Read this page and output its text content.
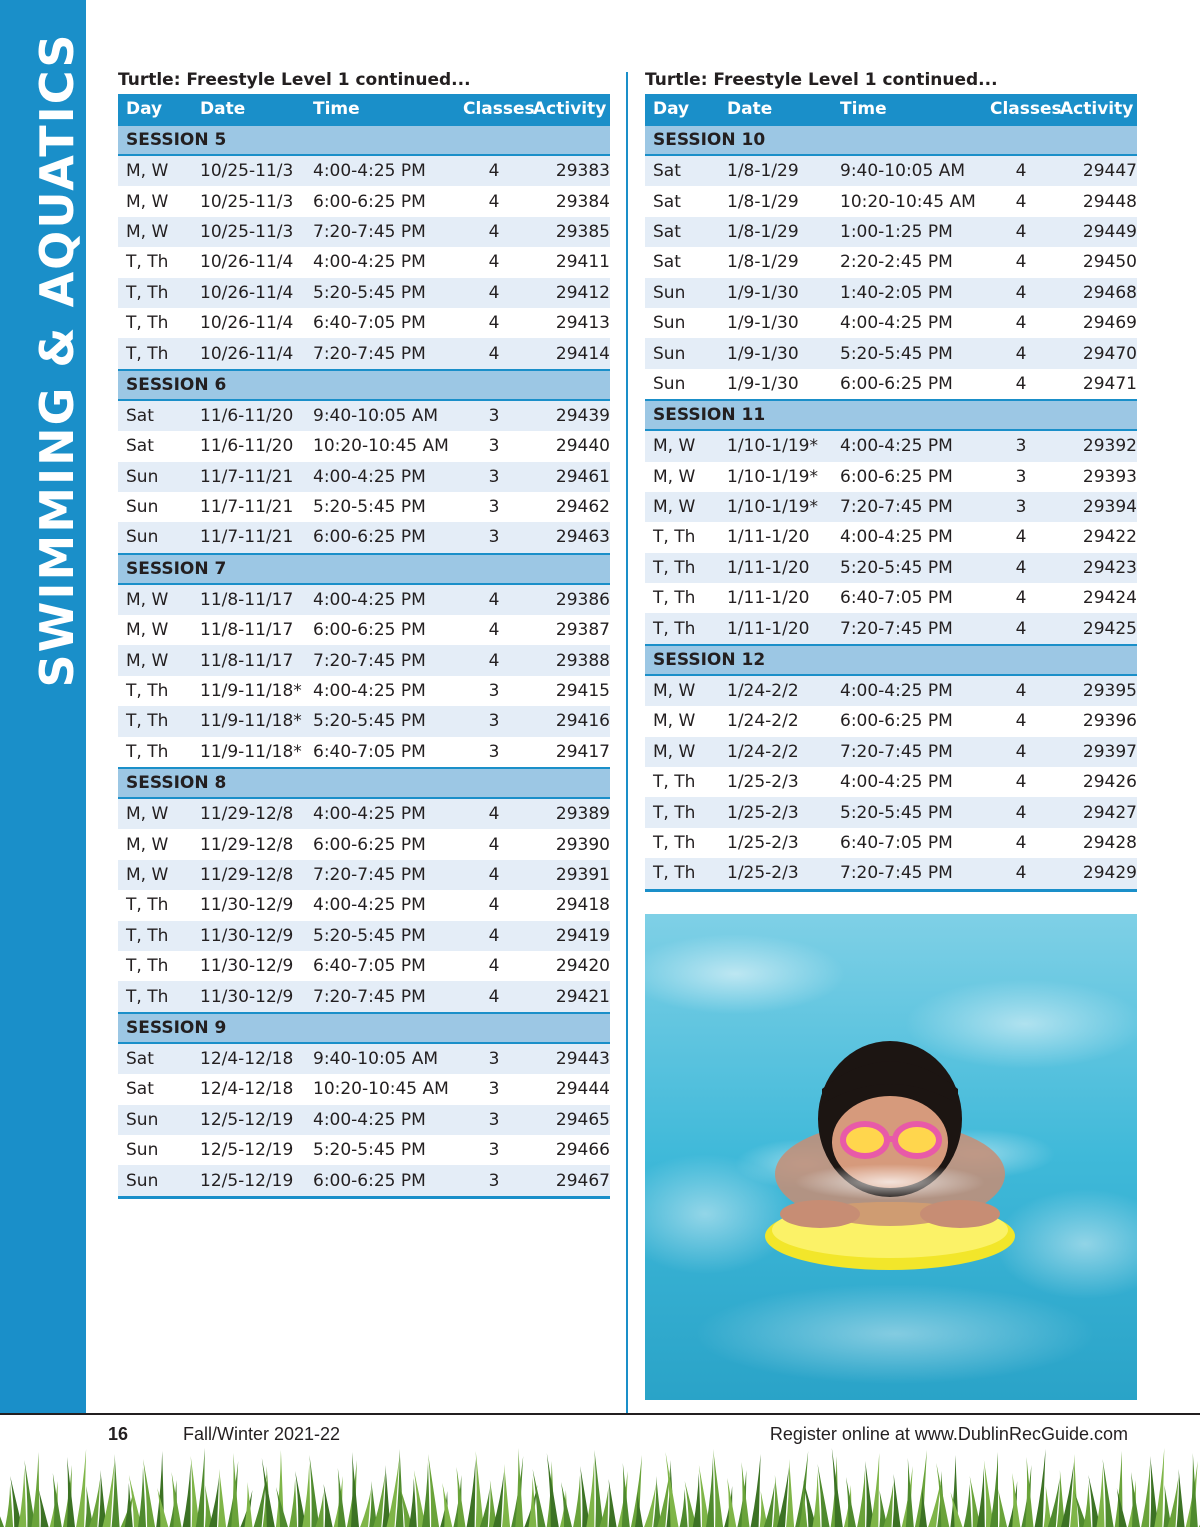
SWIMMING & AQUATICS Turtle: Freestyle Level 1 continued...
Day	Date	Time	Classes	Activity #
SESSION 5				
M, W	10/25-11/3	4:00-4:25 PM	4	29383
M, W	10/25-11/3	6:00-6:25 PM	4	29384
M, W	10/25-11/3	7:20-7:45 PM	4	29385
T, Th	10/26-11/4	4:00-4:25 PM	4	29411
T, Th	10/26-11/4	5:20-5:45 PM	4	29412
T, Th	10/26-11/4	6:40-7:05 PM	4	29413
T, Th	10/26-11/4	7:20-7:45 PM	4	29414
SESSION 6				
Sat	11/6-11/20	9:40-10:05 AM	3	29439
Sat	11/6-11/20	10:20-10:45 AM	3	29440
Sun	11/7-11/21	4:00-4:25 PM	3	29461
Sun	11/7-11/21	5:20-5:45 PM	3	29462
Sun	11/7-11/21	6:00-6:25 PM	3	29463
SESSION 7				
M, W	11/8-11/17	4:00-4:25 PM	4	29386
M, W	11/8-11/17	6:00-6:25 PM	4	29387
M, W	11/8-11/17	7:20-7:45 PM	4	29388
T, Th	11/9-11/18*	4:00-4:25 PM	3	29415
T, Th	11/9-11/18*	5:20-5:45 PM	3	29416
T, Th	11/9-11/18*	6:40-7:05 PM	3	29417
SESSION 8				
M, W	11/29-12/8	4:00-4:25 PM	4	29389
M, W	11/29-12/8	6:00-6:25 PM	4	29390
M, W	11/29-12/8	7:20-7:45 PM	4	29391
T, Th	11/30-12/9	4:00-4:25 PM	4	29418
T, Th	11/30-12/9	5:20-5:45 PM	4	29419
T, Th	11/30-12/9	6:40-7:05 PM	4	29420
T, Th	11/30-12/9	7:20-7:45 PM	4	29421
SESSION 9				
Sat	12/4-12/18	9:40-10:05 AM	3	29443
Sat	12/4-12/18	10:20-10:45 AM	3	29444
Sun	12/5-12/19	4:00-4:25 PM	3	29465
Sun	12/5-12/19	5:20-5:45 PM	3	29466
Sun	12/5-12/19	6:00-6:25 PM	3	29467
Turtle: Freestyle Level 1 continued...
Day	Date	Time	Classes	Activity #
SESSION 10				
Sat	1/8-1/29	9:40-10:05 AM	4	29447
Sat	1/8-1/29	10:20-10:45 AM	4	29448
Sat	1/8-1/29	1:00-1:25 PM	4	29449
Sat	1/8-1/29	2:20-2:45 PM	4	29450
Sun	1/9-1/30	1:40-2:05 PM	4	29468
Sun	1/9-1/30	4:00-4:25 PM	4	29469
Sun	1/9-1/30	5:20-5:45 PM	4	29470
Sun	1/9-1/30	6:00-6:25 PM	4	29471
SESSION 11				
M, W	1/10-1/19*	4:00-4:25 PM	3	29392
M, W	1/10-1/19*	6:00-6:25 PM	3	29393
M, W	1/10-1/19*	7:20-7:45 PM	3	29394
T, Th	1/11-1/20	4:00-4:25 PM	4	29422
T, Th	1/11-1/20	5:20-5:45 PM	4	29423
T, Th	1/11-1/20	6:40-7:05 PM	4	29424
T, Th	1/11-1/20	7:20-7:45 PM	4	29425
SESSION 12				
M, W	1/24-2/2	4:00-4:25 PM	4	29395
M, W	1/24-2/2	6:00-6:25 PM	4	29396
M, W	1/24-2/2	7:20-7:45 PM	4	29397
T, Th	1/25-2/3	4:00-4:25 PM	4	29426
T, Th	1/25-2/3	5:20-5:45 PM	4	29427
T, Th	1/25-2/3	6:40-7:05 PM	4	29428
T, Th	1/25-2/3	7:20-7:45 PM	4	29429
16	Fall/Winter 2021-22	Register online at www.DublinRecGuide.com
